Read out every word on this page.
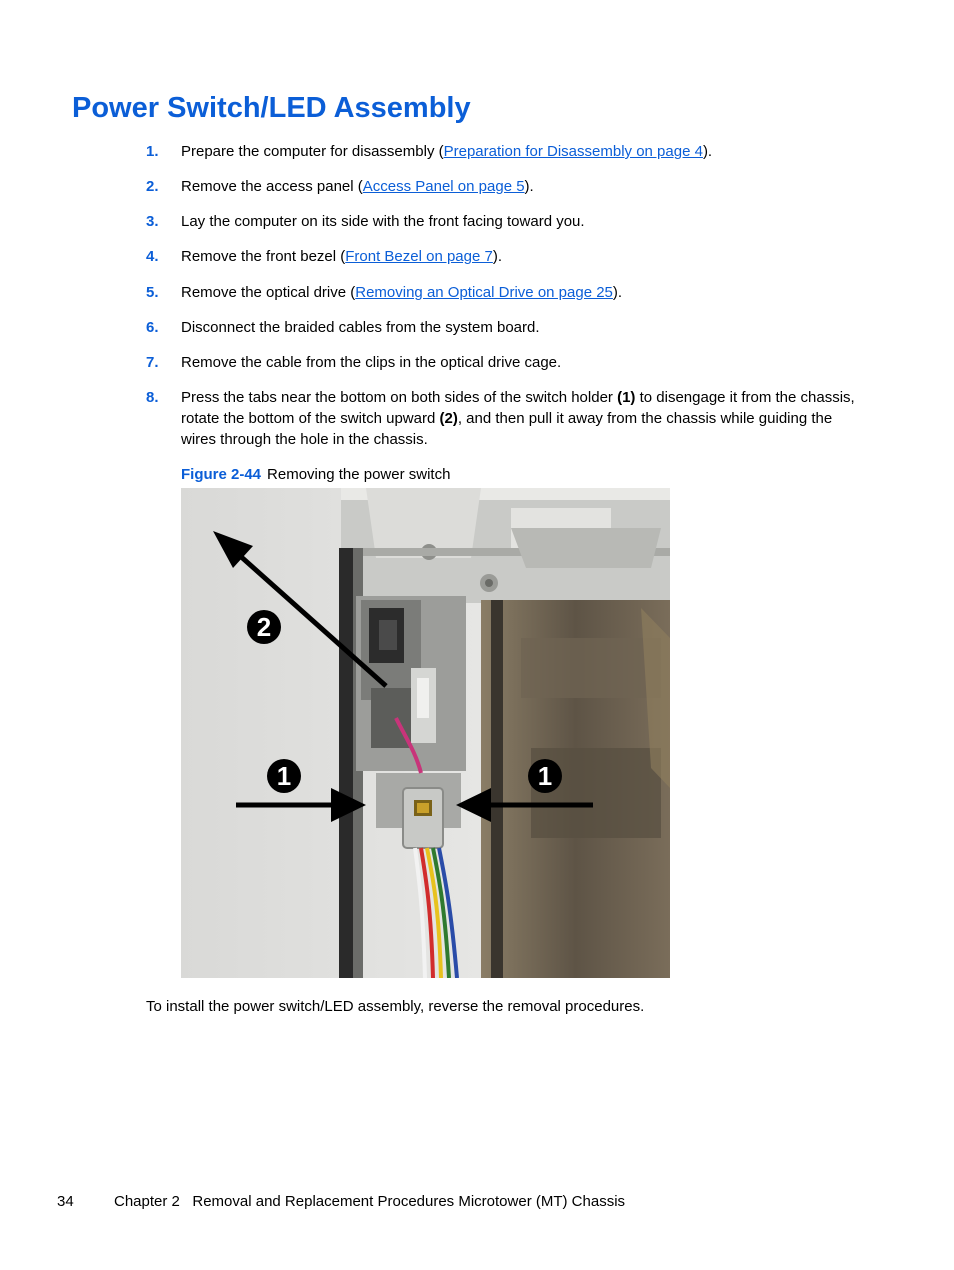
Power Switch/LED Assembly
1. Prepare the computer for disassembly (Preparation for Disassembly on page 4).
2. Remove the access panel (Access Panel on page 5).
3. Lay the computer on its side with the front facing toward you.
4. Remove the front bezel (Front Bezel on page 7).
5. Remove the optical drive (Removing an Optical Drive on page 25).
6. Disconnect the braided cables from the system board.
7. Remove the cable from the clips in the optical drive cage.
8. Press the tabs near the bottom on both sides of the switch holder (1) to disengage it from the chassis, rotate the bottom of the switch upward (2), and then pull it away from the chassis while guiding the wires through the hole in the chassis.
Figure 2-44 Removing the power switch
2
1	1
To install the power switch/LED assembly, reverse the removal procedures.
34	Chapter 2   Removal and Replacement Procedures Microtower (MT) Chassis
